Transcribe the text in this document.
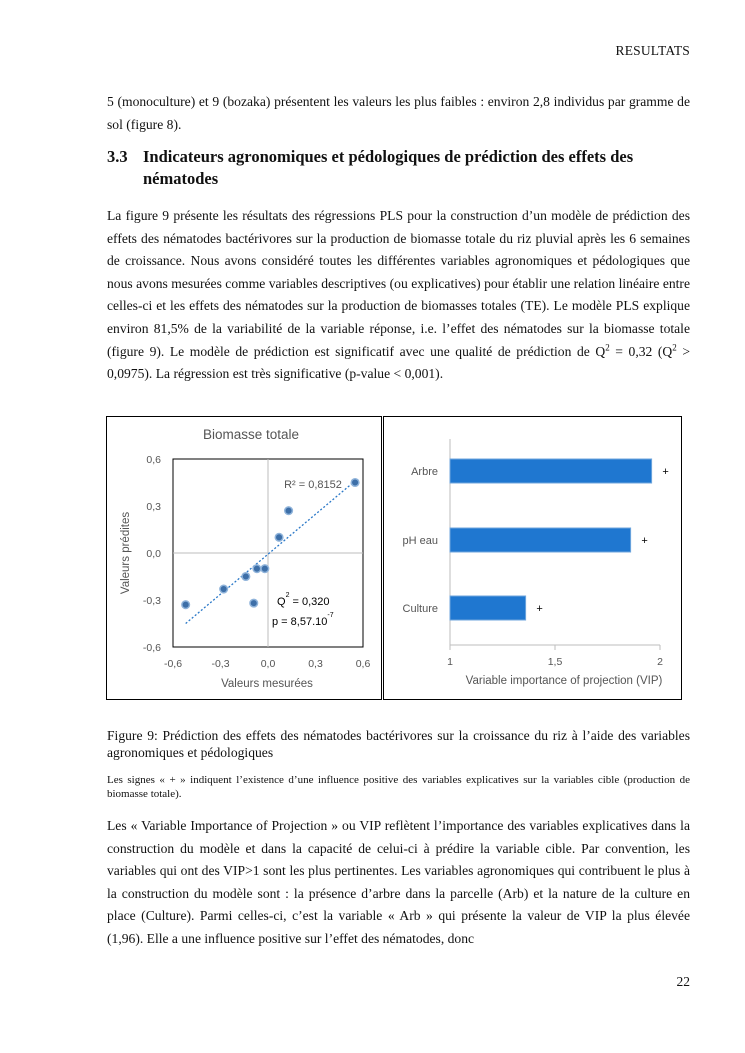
RESULTATS

5 (monoculture) et 9 (bozaka) présentent les valeurs les plus faibles : environ 2,8 individus par gramme de sol (figure 8).

3.3 Indicateurs agronomiques et pédologiques de prédiction des effets des nématodes

La figure 9 présente les résultats des régressions PLS pour la construction d’un modèle de prédiction des effets des nématodes bactérivores sur la production de biomasse totale du riz pluvial après les 6 semaines de croissance. Nous avons considéré toutes les différentes variables agronomiques et pédologiques que nous avons mesurées comme variables descriptives (ou explicatives) pour établir une relation linéaire entre celles-ci et les effets des nématodes sur la production de biomasses totales (TE). Le modèle PLS explique environ 81,5% de la variabilité de la variable réponse, i.e. l’effet des nématodes sur la biomasse totale (figure 9). Le modèle de prédiction est significatif avec une qualité de prédiction de $Q^2 = 0,32$ $(Q^2 > 0,0975)$. La régression est très significative (p-value < 0,001).

Biomasse totale
0,6
0,3
0,0
-0,3
-0,6
-0,6	-0,3	0,0	0,3	0,6
R² = 0,8152
$Q^2 = 0,320$
$p = 8,57.10^{-7}$
Valeurs mesurées
Valeurs prédites
1	1,5	2
Arbre	+
pH eau	+
Culture	+
Variable importance of projection (VIP)

Figure 9: Prédiction des effets des nématodes bactérivores sur la croissance du riz à l’aide des variables agronomiques et pédologiques

Les signes « + » indiquent l’existence d’une influence positive des variables explicatives sur la variables cible (production de biomasse totale).

Les « Variable Importance of Projection » ou VIP reflètent l’importance des variables explicatives dans la construction du modèle et dans la capacité de celui-ci à prédire la variable cible. Par convention, les variables qui ont des VIP>1 sont les plus pertinentes. Les variables agronomiques qui contribuent le plus à la construction du modèle sont : la présence d’arbre dans la parcelle (Arb) et la nature de la culture en place (Culture). Parmi celles-ci, c’est la variable « Arb » qui présente la valeur de VIP la plus élevée (1,96). Elle a une influence positive sur l’effet des nématodes, donc

22
